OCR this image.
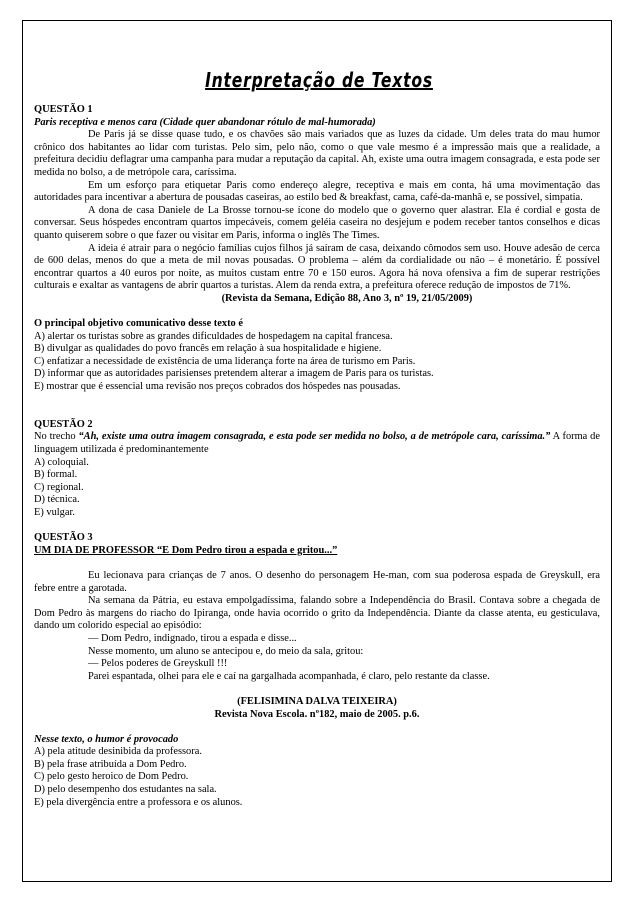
Interpretação de Textos

QUESTÃO 1

Paris receptiva e menos cara (Cidade quer abandonar rótulo de mal-humorada)

De Paris já se disse quase tudo, e os chavões são mais variados que as luzes da cidade. Um deles trata do mau humor crônico dos habitantes ao lidar com turistas. Pelo sim, pelo não, como o que vale mesmo é a impressão mais que a realidade, a prefeitura decidiu deflagrar uma campanha para mudar a reputação da capital. Ah, existe uma outra imagem consagrada, e esta pode ser medida no bolso, a de metrópole cara, caríssima.

Em um esforço para etiquetar Paris como endereço alegre, receptiva e mais em conta, há uma movimentação das autoridades para incentivar a abertura de pousadas caseiras, ao estilo bed & breakfast, cama, café-da-manhã e, se possível, simpatia.

A dona de casa Daniele de La Brosse tornou-se ícone do modelo que o governo quer alastrar. Ela é cordial e gosta de conversar. Seus hóspedes encontram quartos impecáveis, comem geléia caseira no desjejum e podem receber tantos conselhos e dicas quanto quiserem sobre o que fazer ou visitar em Paris, informa o inglês The Times.

A ideia é atrair para o negócio famílias cujos filhos já saíram de casa, deixando cômodos sem uso. Houve adesão de cerca de 600 delas, menos do que a meta de mil novas pousadas. O problema – além da cordialidade ou não – é monetário. É possível encontrar quartos a 40 euros por noite, as muitos custam entre 70 e 150 euros. Agora há nova ofensiva a fim de superar restrições culturais e exaltar as vantagens de abrir quartos a turistas. Alem da renda extra, a prefeitura oferece redução de impostos de 71%.

(Revista da Semana, Edição 88, Ano 3, nº 19, 21/05/2009)

O principal objetivo comunicativo desse texto é

A) alertar os turistas sobre as grandes dificuldades de hospedagem na capital francesa.

B) divulgar as qualidades do povo francês em relação à sua hospitalidade e higiene.

C) enfatizar a necessidade de existência de uma liderança forte na área de turismo em Paris.

D) informar que as autoridades parisienses pretendem alterar a imagem de Paris para os turistas.

E) mostrar que é essencial uma revisão nos preços cobrados dos hóspedes nas pousadas.

QUESTÃO 2

No trecho “Ah, existe uma outra imagem consagrada, e esta pode ser medida no bolso, a de metrópole cara, caríssima.” A forma de linguagem utilizada é predominantemente

A) coloquial.

B) formal.

C) regional.

D) técnica.

E) vulgar.

QUESTÃO 3

UM DIA DE PROFESSOR “E Dom Pedro tirou a espada e gritou...”

Eu lecionava para crianças de 7 anos. O desenho do personagem He-man, com sua poderosa espada de Greyskull, era febre entre a garotada.

Na semana da Pátria, eu estava empolgadíssima, falando sobre a Independência do Brasil. Contava sobre a chegada de Dom Pedro às margens do riacho do Ipiranga, onde havia ocorrido o grito da Independência. Diante da classe atenta, eu gesticulava, dando um colorido especial ao episódio:

— Dom Pedro, indignado, tirou a espada e disse...

Nesse momento, um aluno se antecipou e, do meio da sala, gritou:

— Pelos poderes de Greyskull !!!

Parei espantada, olhei para ele e caí na gargalhada acompanhada, é claro, pelo restante da classe.

(FELISIMINA DALVA TEIXEIRA)

Revista Nova Escola. nº182, maio de 2005. p.6.

Nesse texto, o humor é provocado

A) pela atitude desinibida da professora.

B) pela frase atribuída a Dom Pedro.

C) pelo gesto heroico de Dom Pedro.

D) pelo desempenho dos estudantes na sala.

E) pela divergência entre a professora e os alunos.
